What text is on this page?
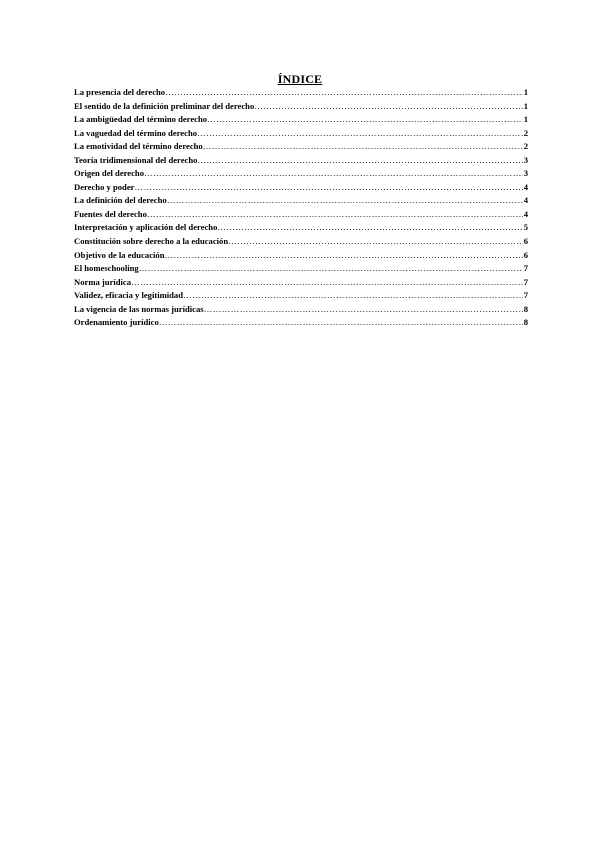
ÍNDICE
La presencia del derecho …………………………………………………………………………………………………………………………………………………………………………………	1
El sentido de la definición preliminar del derecho …………………………………………………………………………………………………………………………………………………………………………………	1
La ambigüedad del término derecho …………………………………………………………………………………………………………………………………………………………………………………	1
La vaguedad del término derecho …………………………………………………………………………………………………………………………………………………………………………………	2
La emotividad del término derecho …………………………………………………………………………………………………………………………………………………………………………………	2
Teoría tridimensional del derecho …………………………………………………………………………………………………………………………………………………………………………………	3
Origen del derecho …………………………………………………………………………………………………………………………………………………………………………………	3
Derecho y poder …………………………………………………………………………………………………………………………………………………………………………………	4
La definición del derecho …………………………………………………………………………………………………………………………………………………………………………………	4
Fuentes del derecho …………………………………………………………………………………………………………………………………………………………………………………	4
Interpretación y aplicación del derecho …………………………………………………………………………………………………………………………………………………………………………………	5
Constitución sobre derecho a la educación …………………………………………………………………………………………………………………………………………………………………………………	6
Objetivo de la educación …………………………………………………………………………………………………………………………………………………………………………………	6
El homeschooling …………………………………………………………………………………………………………………………………………………………………………………	7
Norma jurídica …………………………………………………………………………………………………………………………………………………………………………………	7
Validez, eficacia y legitimidad …………………………………………………………………………………………………………………………………………………………………………………	7
La vigencia de las normas jurídicas …………………………………………………………………………………………………………………………………………………………………………………	8
Ordenamiento jurídico …………………………………………………………………………………………………………………………………………………………………………………	8
